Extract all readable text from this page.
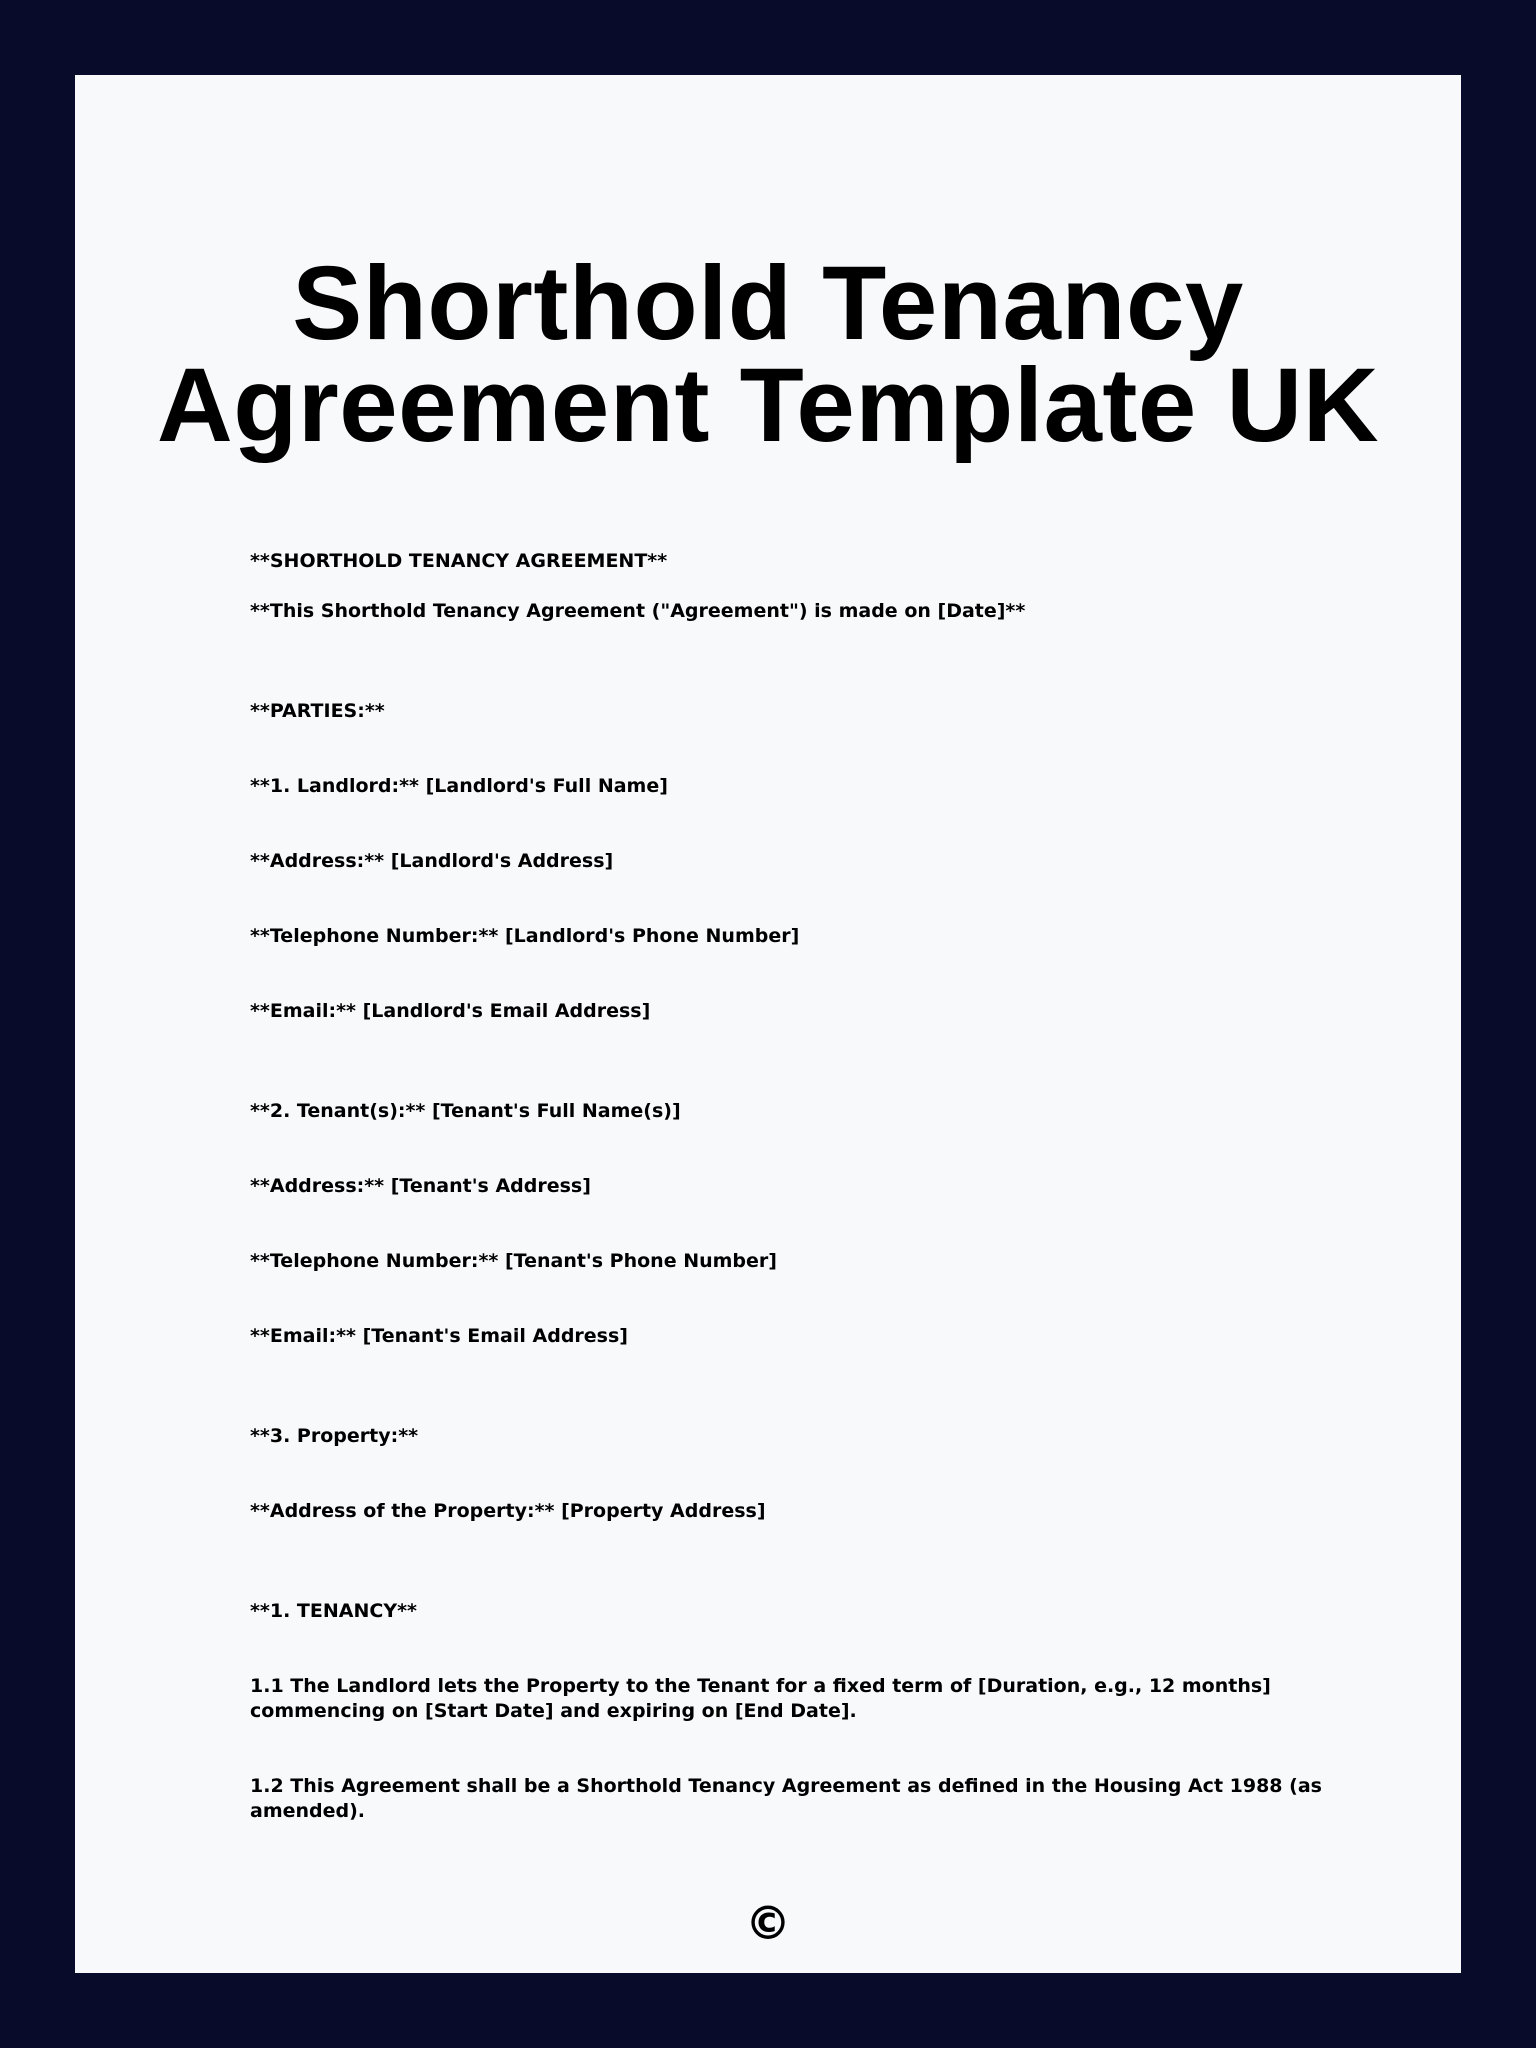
Shorthold Tenancy
Agreement Template UK

**SHORTHOLD TENANCY AGREEMENT**

**This Shorthold Tenancy Agreement ("Agreement") is made on [Date]**

**PARTIES:**

**1. Landlord:** [Landlord's Full Name]

**Address:** [Landlord's Address]

**Telephone Number:** [Landlord's Phone Number]

**Email:** [Landlord's Email Address]

**2. Tenant(s):** [Tenant's Full Name(s)]

**Address:** [Tenant's Address]

**Telephone Number:** [Tenant's Phone Number]

**Email:** [Tenant's Email Address]

**3. Property:**

**Address of the Property:** [Property Address]

**1. TENANCY**

1.1 The Landlord lets the Property to the Tenant for a fixed term of [Duration, e.g., 12 months] commencing on [Start Date] and expiring on [End Date].

1.2 This Agreement shall be a Shorthold Tenancy Agreement as defined in the Housing Act 1988 (as amended).

©
